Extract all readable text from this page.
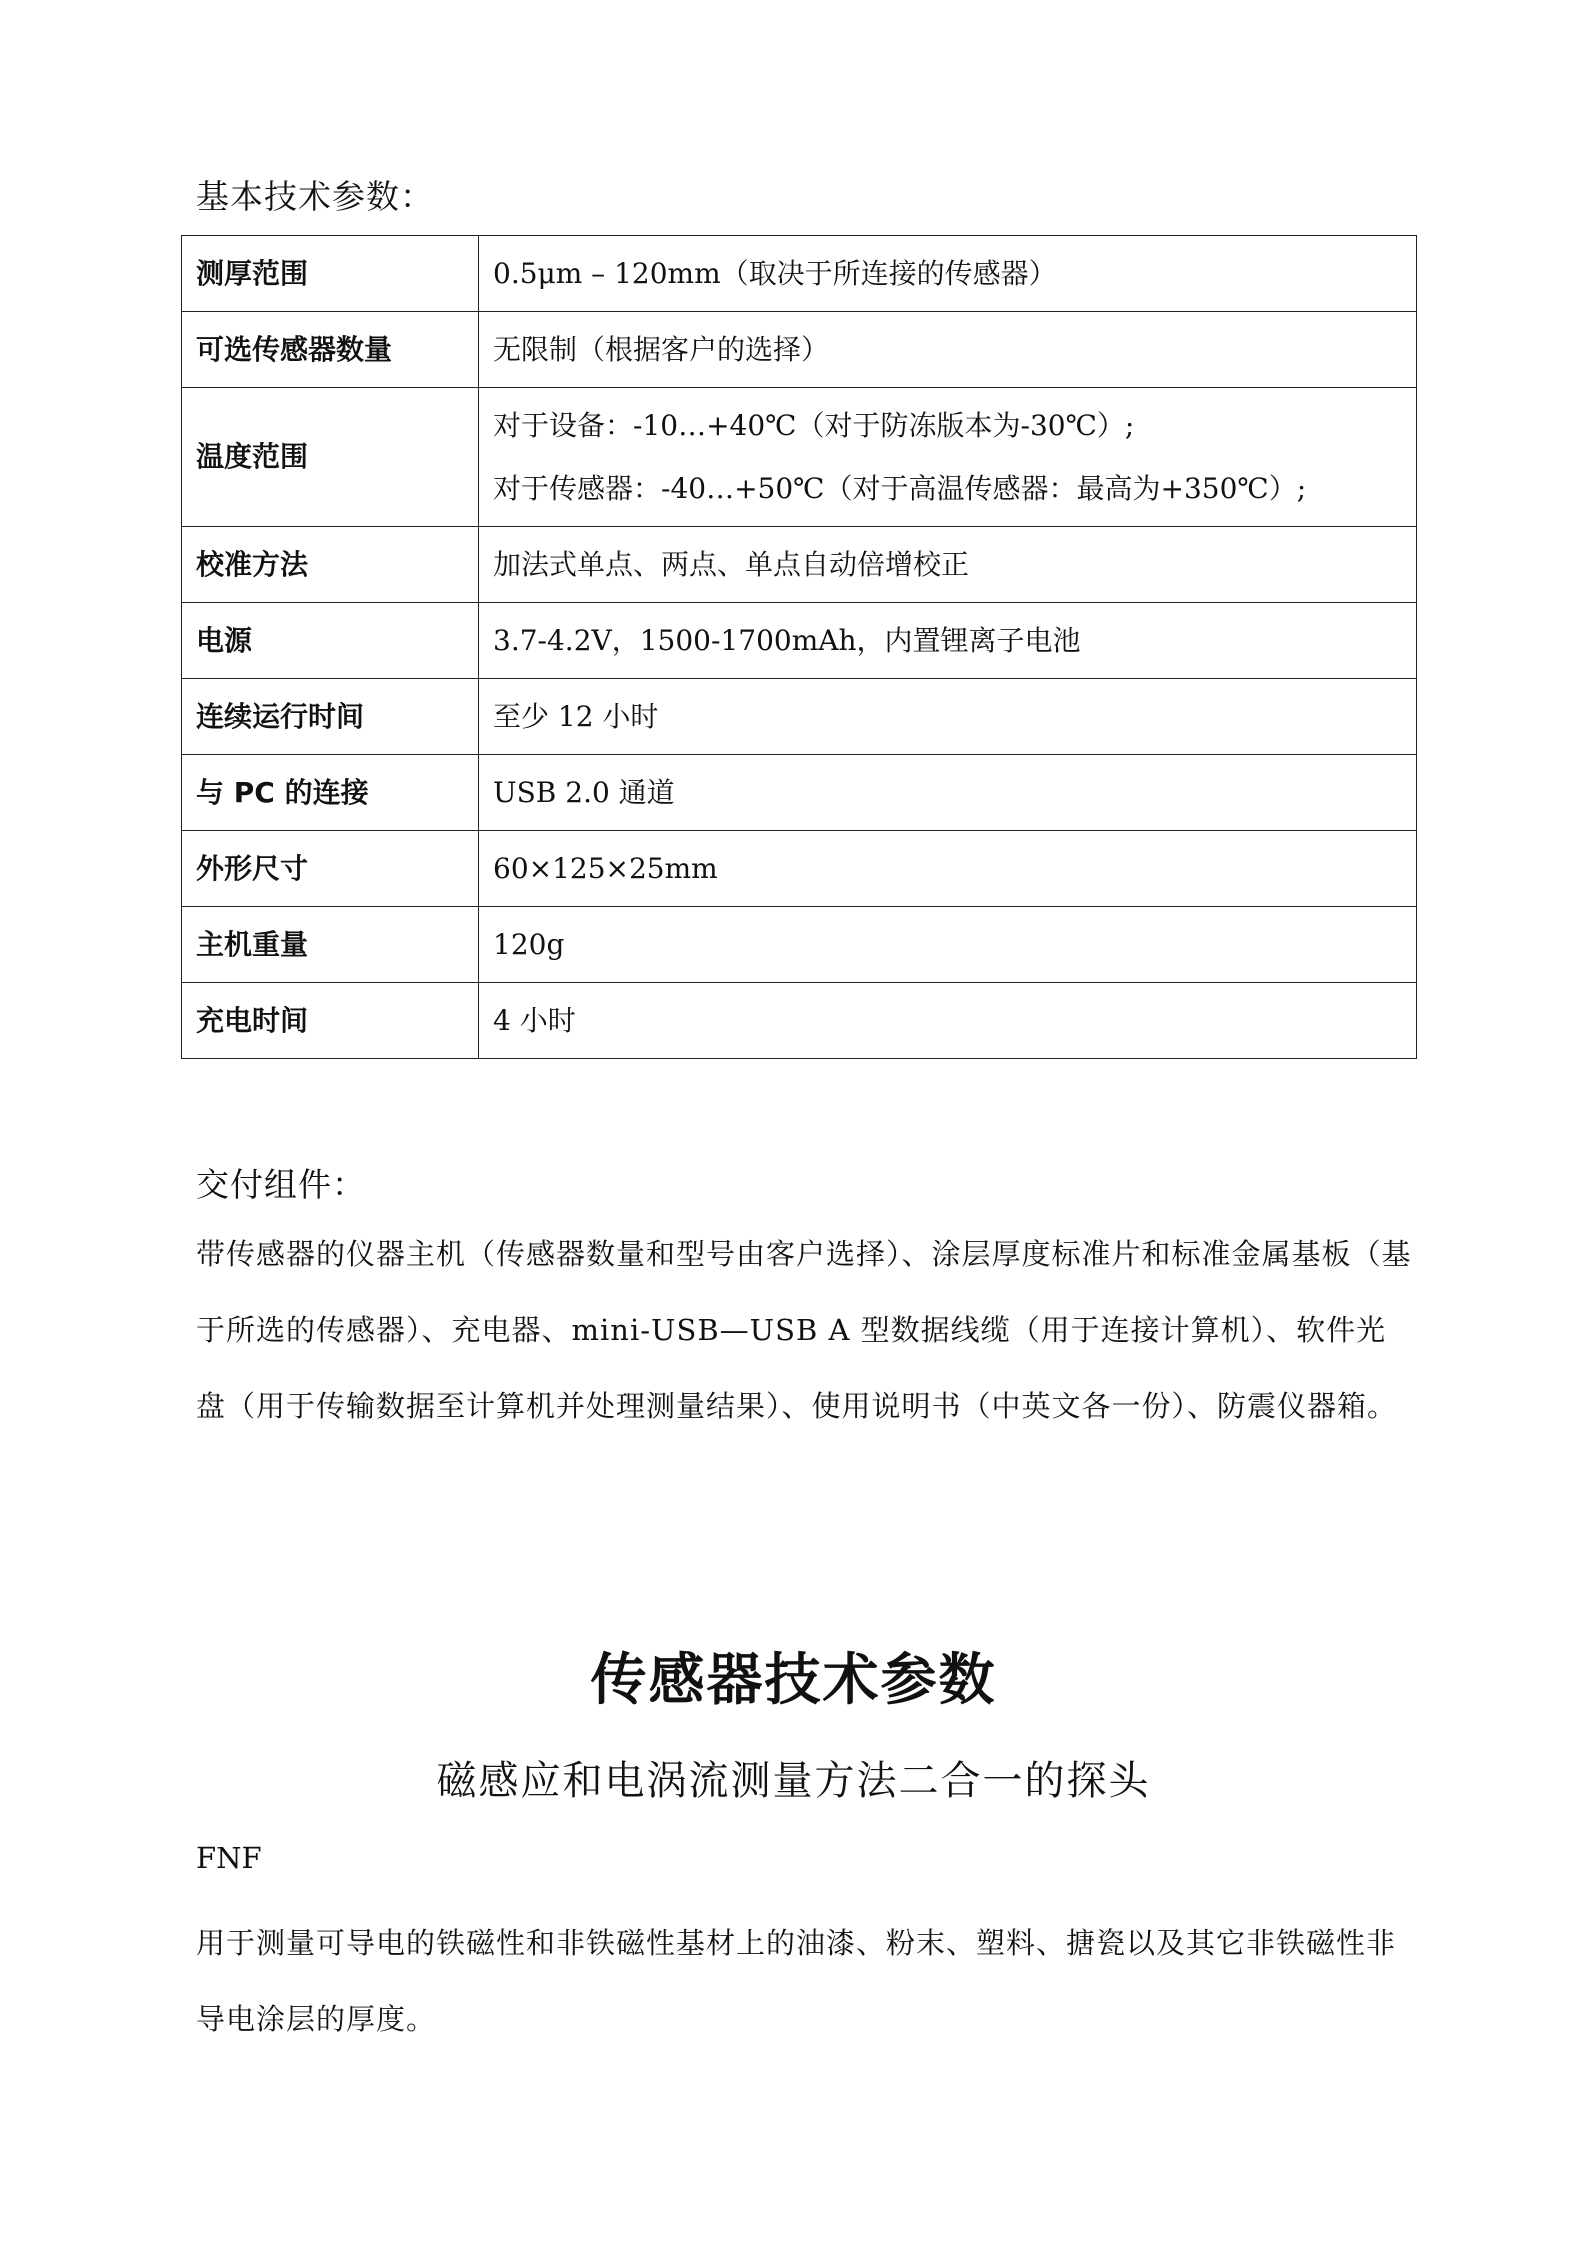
基本技术参数：
测厚范围	0.5μm – 120mm（取决于所连接的传感器）
可选传感器数量	无限制（根据客户的选择）
温度范围	对于设备：-10…+40℃（对于防冻版本为-30℃）;
对于传感器：-40…+50℃（对于高温传感器：最高为+350℃）;

校准方法	加法式单点、两点、单点自动倍增校正
电源	3.7-4.2V，1500-1700mAh，内置锂离子电池
连续运行时间	至少 12 小时
与 PC 的连接	USB 2.0 通道
外形尺寸	60×125×25mm
主机重量	120g
充电时间	4 小时
交付组件：

带传感器的仪器主机（传感器数量和型号由客户选择）、涂层厚度标准片和标准金属基板（基于所选的传感器）、充电器、mini-USB—USB A 型数据线缆（用于连接计算机）、软件光盘（用于传输数据至计算机并处理测量结果）、使用说明书（中英文各一份）、防震仪器箱。

传感器技术参数
磁感应和电涡流测量方法二合一的探头

FNF

用于测量可导电的铁磁性和非铁磁性基材上的油漆、粉末、塑料、搪瓷以及其它非铁磁性非导电涂层的厚度。
